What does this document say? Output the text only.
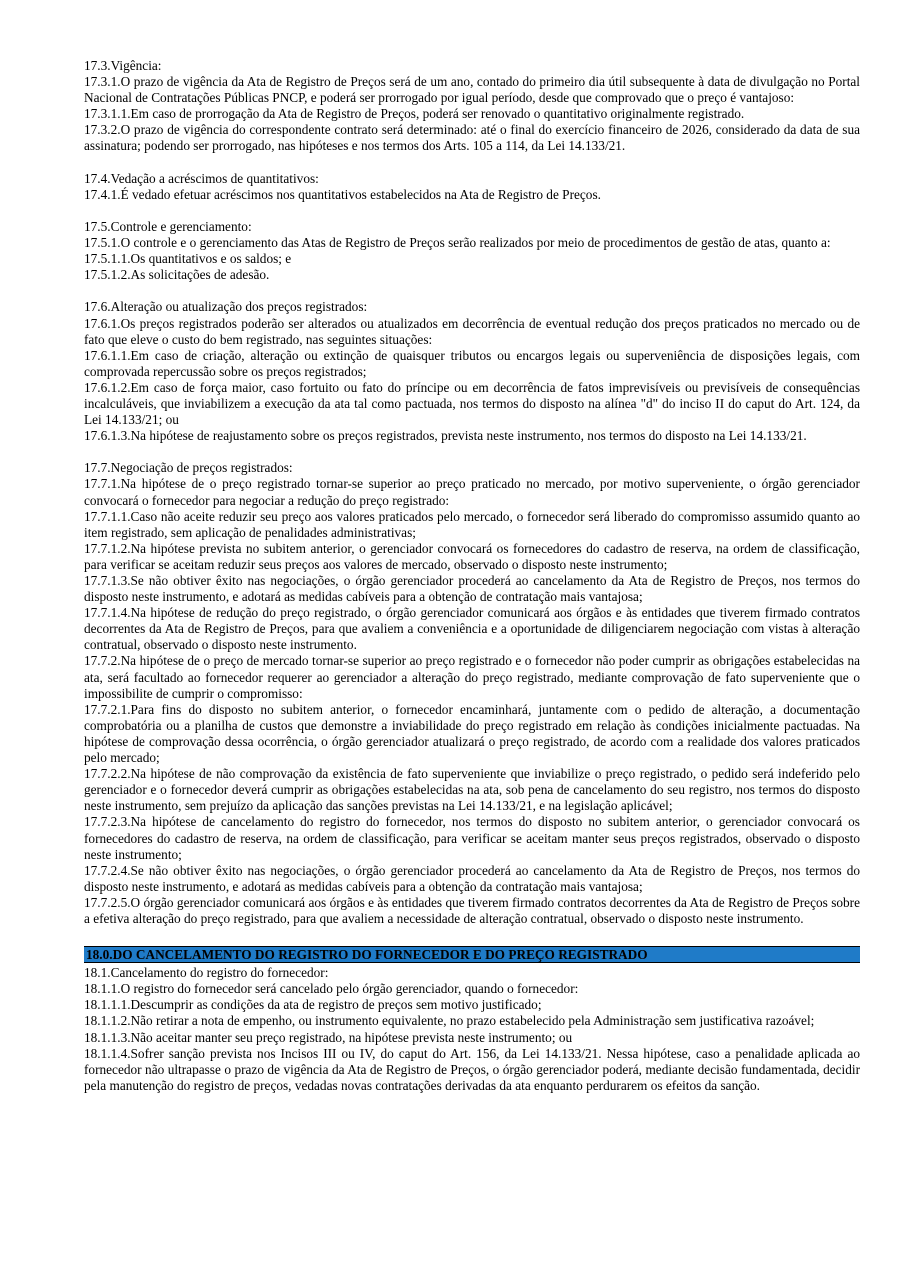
17.3.Vigência:

17.3.1.O prazo de vigência da Ata de Registro de Preços será de um ano, contado do primeiro dia útil subsequente à data de divulgação no Portal Nacional de Contratações Públicas PNCP, e poderá ser prorrogado por igual período, desde que comprovado que o preço é vantajoso:

17.3.1.1.Em caso de prorrogação da Ata de Registro de Preços, poderá ser renovado o quantitativo originalmente registrado.

17.3.2.O prazo de vigência do correspondente contrato será determinado: até o final do exercício financeiro de 2026, considerado da data de sua assinatura; podendo ser prorrogado, nas hipóteses e nos termos dos Arts. 105 a 114, da Lei 14.133/21.

17.4.Vedação a acréscimos de quantitativos:

17.4.1.É vedado efetuar acréscimos nos quantitativos estabelecidos na Ata de Registro de Preços.

17.5.Controle e gerenciamento:

17.5.1.O controle e o gerenciamento das Atas de Registro de Preços serão realizados por meio de procedimentos de gestão de atas, quanto a:

17.5.1.1.Os quantitativos e os saldos; e

17.5.1.2.As solicitações de adesão.

17.6.Alteração ou atualização dos preços registrados:

17.6.1.Os preços registrados poderão ser alterados ou atualizados em decorrência de eventual redução dos preços praticados no mercado ou de fato que eleve o custo do bem registrado, nas seguintes situações:

17.6.1.1.Em caso de criação, alteração ou extinção de quaisquer tributos ou encargos legais ou superveniência de disposições legais, com comprovada repercussão sobre os preços registrados;

17.6.1.2.Em caso de força maior, caso fortuito ou fato do príncipe ou em decorrência de fatos imprevisíveis ou previsíveis de consequências incalculáveis, que inviabilizem a execução da ata tal como pactuada, nos termos do disposto na alínea "d" do inciso II do caput do Art. 124, da Lei 14.133/21; ou

17.6.1.3.Na hipótese de reajustamento sobre os preços registrados, prevista neste instrumento, nos termos do disposto na Lei 14.133/21.

17.7.Negociação de preços registrados:

17.7.1.Na hipótese de o preço registrado tornar-se superior ao preço praticado no mercado, por motivo superveniente, o órgão gerenciador convocará o fornecedor para negociar a redução do preço registrado:

17.7.1.1.Caso não aceite reduzir seu preço aos valores praticados pelo mercado, o fornecedor será liberado do compromisso assumido quanto ao item registrado, sem aplicação de penalidades administrativas;

17.7.1.2.Na hipótese prevista no subitem anterior, o gerenciador convocará os fornecedores do cadastro de reserva, na ordem de classificação, para verificar se aceitam reduzir seus preços aos valores de mercado, observado o disposto neste instrumento;

17.7.1.3.Se não obtiver êxito nas negociações, o órgão gerenciador procederá ao cancelamento da Ata de Registro de Preços, nos termos do disposto neste instrumento, e adotará as medidas cabíveis para a obtenção de contratação mais vantajosa;

17.7.1.4.Na hipótese de redução do preço registrado, o órgão gerenciador comunicará aos órgãos e às entidades que tiverem firmado contratos decorrentes da Ata de Registro de Preços, para que avaliem a conveniência e a oportunidade de diligenciarem negociação com vistas à alteração contratual, observado o disposto neste instrumento.

17.7.2.Na hipótese de o preço de mercado tornar-se superior ao preço registrado e o fornecedor não poder cumprir as obrigações estabelecidas na ata, será facultado ao fornecedor requerer ao gerenciador a alteração do preço registrado, mediante comprovação de fato superveniente que o impossibilite de cumprir o compromisso:

17.7.2.1.Para fins do disposto no subitem anterior, o fornecedor encaminhará, juntamente com o pedido de alteração, a documentação comprobatória ou a planilha de custos que demonstre a inviabilidade do preço registrado em relação às condições inicialmente pactuadas. Na hipótese de comprovação dessa ocorrência, o órgão gerenciador atualizará o preço registrado, de acordo com a realidade dos valores praticados pelo mercado;

17.7.2.2.Na hipótese de não comprovação da existência de fato superveniente que inviabilize o preço registrado, o pedido será indeferido pelo gerenciador e o fornecedor deverá cumprir as obrigações estabelecidas na ata, sob pena de cancelamento do seu registro, nos termos do disposto neste instrumento, sem prejuízo da aplicação das sanções previstas na Lei 14.133/21, e na legislação aplicável;

17.7.2.3.Na hipótese de cancelamento do registro do fornecedor, nos termos do disposto no subitem anterior, o gerenciador convocará os fornecedores do cadastro de reserva, na ordem de classificação, para verificar se aceitam manter seus preços registrados, observado o disposto neste instrumento;

17.7.2.4.Se não obtiver êxito nas negociações, o órgão gerenciador procederá ao cancelamento da Ata de Registro de Preços, nos termos do disposto neste instrumento, e adotará as medidas cabíveis para a obtenção da contratação mais vantajosa;

17.7.2.5.O órgão gerenciador comunicará aos órgãos e às entidades que tiverem firmado contratos decorrentes da Ata de Registro de Preços sobre a efetiva alteração do preço registrado, para que avaliem a necessidade de alteração contratual, observado o disposto neste instrumento.

18.0.DO CANCELAMENTO DO REGISTRO DO FORNECEDOR E DO PREÇO REGISTRADO

18.1.Cancelamento do registro do fornecedor:

18.1.1.O registro do fornecedor será cancelado pelo órgão gerenciador, quando o fornecedor:

18.1.1.1.Descumprir as condições da ata de registro de preços sem motivo justificado;

18.1.1.2.Não retirar a nota de empenho, ou instrumento equivalente, no prazo estabelecido pela Administração sem justificativa razoável;

18.1.1.3.Não aceitar manter seu preço registrado, na hipótese prevista neste instrumento; ou

18.1.1.4.Sofrer sanção prevista nos Incisos III ou IV, do caput do Art. 156, da Lei 14.133/21. Nessa hipótese, caso a penalidade aplicada ao fornecedor não ultrapasse o prazo de vigência da Ata de Registro de Preços, o órgão gerenciador poderá, mediante decisão fundamentada, decidir pela manutenção do registro de preços, vedadas novas contratações derivadas da ata enquanto perdurarem os efeitos da sanção.
